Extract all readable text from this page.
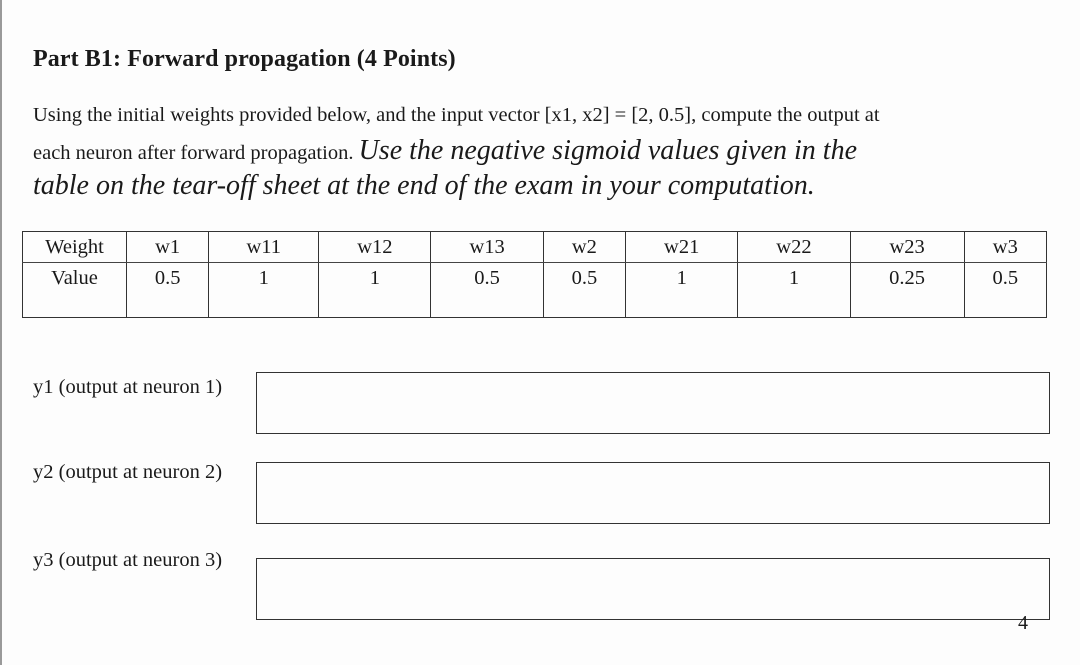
Part B1: Forward propagation (4 Points)
Using the initial weights provided below, and the input vector [x1, x2] = [2, 0.5], compute the output at
each neuron after forward propagation. Use the negative sigmoid values given in the
table on the tear-off sheet at the end of the exam in your computation.
Weight	w1	w11	w12	w13	w2	w21	w22	w23	w3
Value	0.5	1	1	0.5	0.5	1	1	0.25	0.5
y1 (output at neuron 1)
y2 (output at neuron 2)
y3 (output at neuron 3)
4
